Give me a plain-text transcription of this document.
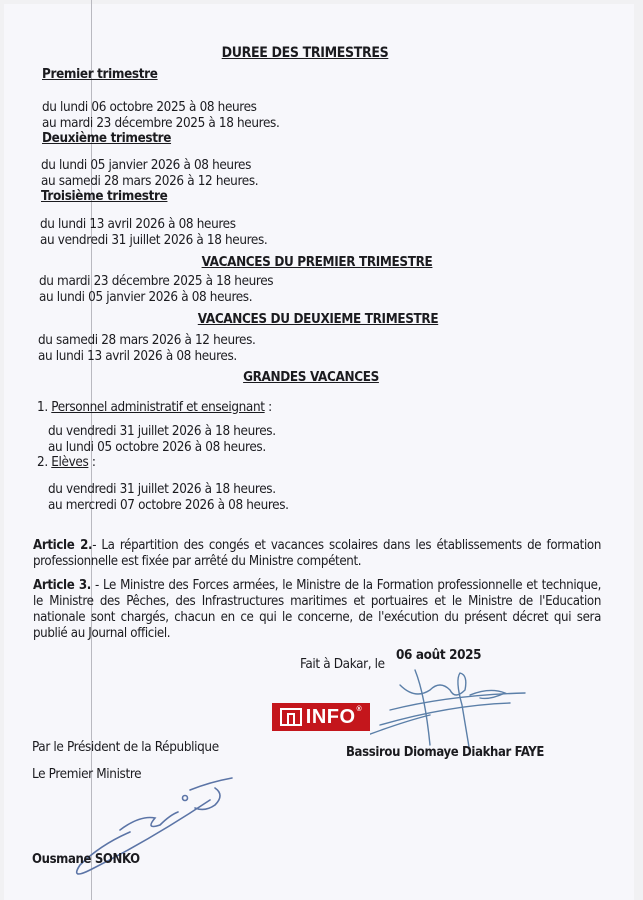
DUREE DES TRIMESTRES
Premier trimestre
du lundi 06 octobre 2025 à 08 heures
au mardi 23 décembre 2025 à 18 heures.
Deuxième trimestre
du lundi 05 janvier 2026 à 08 heures
au samedi 28 mars 2026 à 12 heures.
Troisième trimestre
du lundi 13 avril 2026 à 08 heures
au vendredi 31 juillet 2026 à 18 heures.
VACANCES DU PREMIER TRIMESTRE
du mardi 23 décembre 2025 à 18 heures
au lundi 05 janvier 2026 à 08 heures.
VACANCES DU DEUXIEME TRIMESTRE
du samedi 28 mars 2026 à 12 heures.
au lundi 13 avril 2026 à 08 heures.
GRANDES VACANCES
1. Personnel administratif et enseignant :
du vendredi 31 juillet 2026 à 18 heures.
au lundi 05 octobre 2026 à 08 heures.
2. Elèves :
du vendredi 31 juillet 2026 à 18 heures.
au mercredi 07 octobre 2026 à 08 heures.
Article 2.- La répartition des congés et vacances scolaires dans les établissements de formation professionnelle est fixée par arrêté du Ministre compétent.
Article 3. - Le Ministre des Forces armées, le Ministre de la Formation professionnelle et technique, le Ministre des Pêches, des Infrastructures maritimes et portuaires et le Ministre de l'Education nationale sont chargés, chacun en ce qui le concerne, de l'exécution du présent décret qui sera publié au Journal officiel.
Fait à Dakar, le
06 août 2025
INFO®
Bassirou Diomaye Diakhar FAYE
Par le Président de la République
Le Premier Ministre
Ousmane SONKO
